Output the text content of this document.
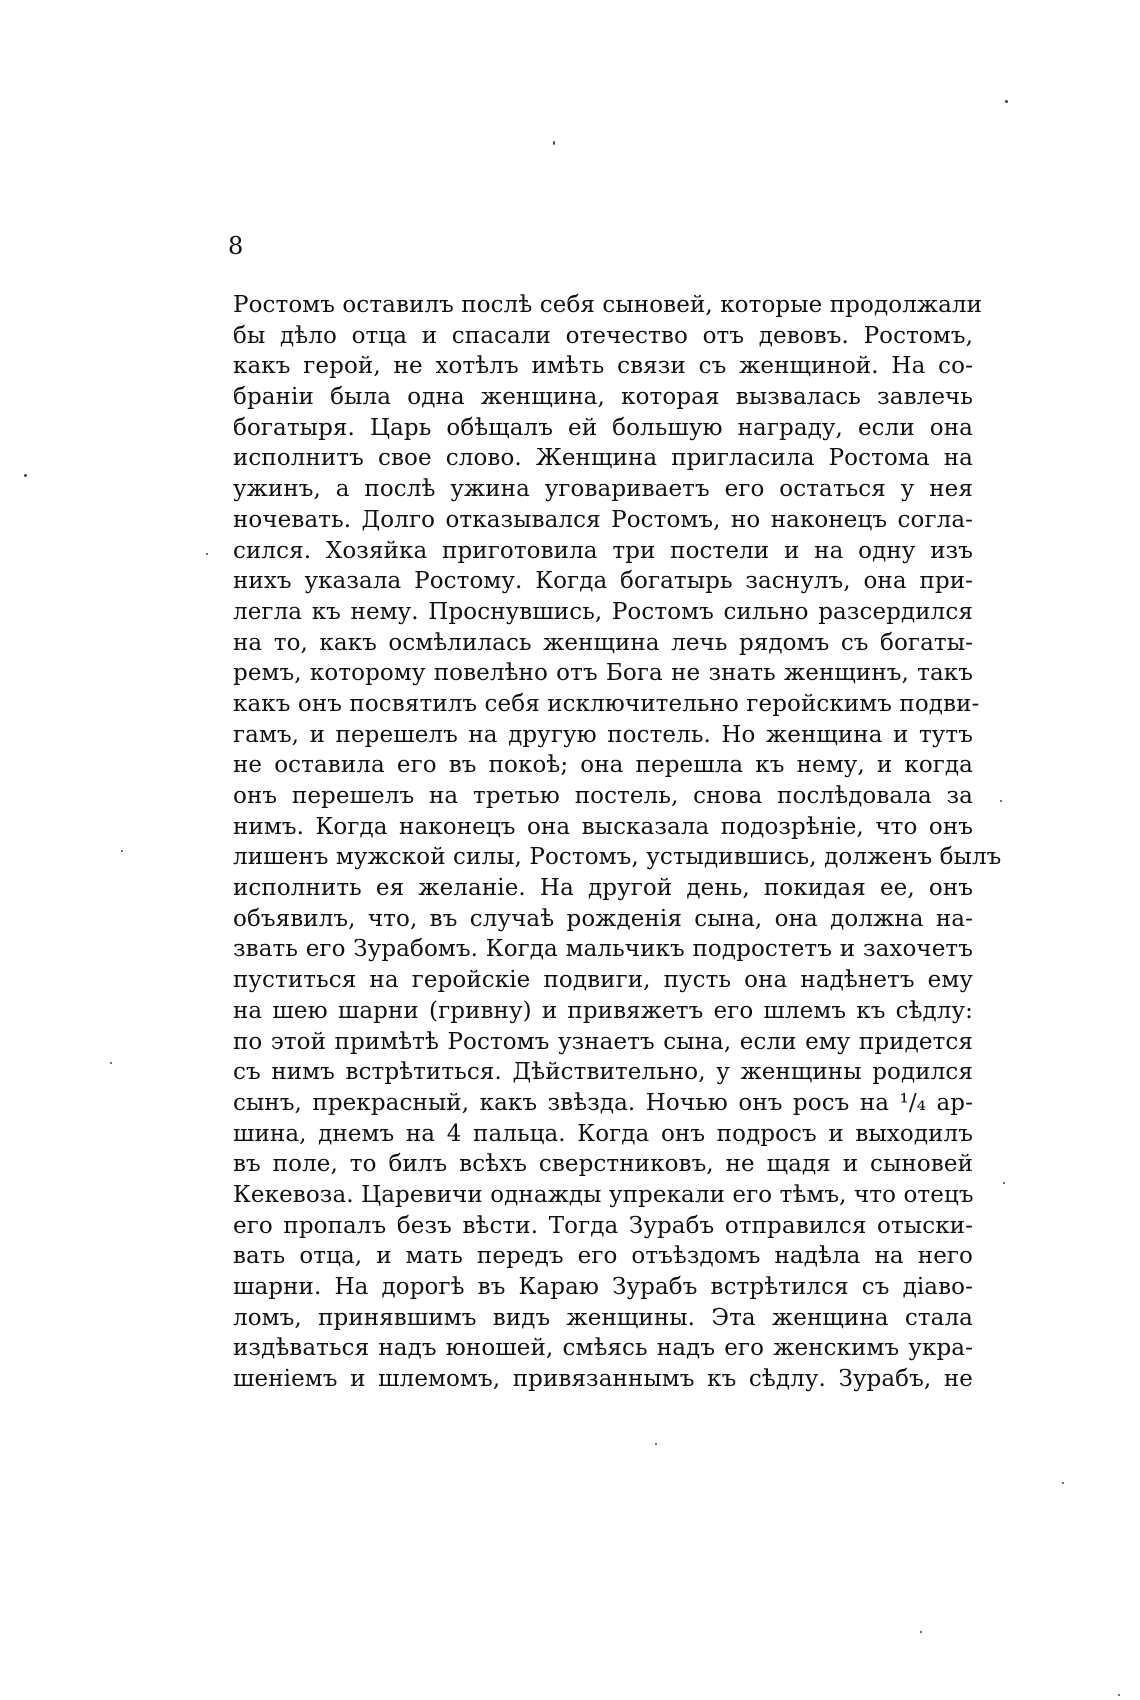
8
Ростомъ оставилъ послѣ себя сыновей, которые продолжали
бы дѣло отца и спасали отечество отъ девовъ. Ростомъ,
какъ герой, не хотѣлъ имѣть связи съ женщиной. На со-
браніи была одна женщина, которая вызвалась завлечь
богатыря. Царь обѣщалъ ей большую награду, если она
исполнитъ свое слово. Женщина пригласила Ростома на
ужинъ, а послѣ ужина уговариваетъ его остаться у нея
ночевать. Долго отказывался Ростомъ, но наконецъ согла-
сился. Хозяйка приготовила три постели и на одну изъ
нихъ указала Ростому. Когда богатырь заснулъ, она при-
легла къ нему. Проснувшись, Ростомъ сильно разсердился
на то, какъ осмѣлилась женщина лечь рядомъ съ богаты-
ремъ, которому повелѣно отъ Бога не знать женщинъ, такъ
какъ онъ посвятилъ себя исключительно геройскимъ подви-
гамъ, и перешелъ на другую постель. Но женщина и тутъ
не оставила его въ покоѣ; она перешла къ нему, и когда
онъ перешелъ на третью постель, снова послѣдовала за
нимъ. Когда наконецъ она высказала подозрѣніе, что онъ
лишенъ мужской силы, Ростомъ, устыдившись, долженъ былъ
исполнить ея желаніе. На другой день, покидая ее, онъ
объявилъ, что, въ случаѣ рожденія сына, она должна на-
звать его Зурабомъ. Когда мальчикъ подростетъ и захочетъ
пуститься на геройскіе подвиги, пусть она надѣнетъ ему
на шею шарни (гривну) и привяжетъ его шлемъ къ сѣдлу:
по этой примѣтѣ Ростомъ узнаетъ сына, если ему придется
съ нимъ встрѣтиться. Дѣйствительно, у женщины родился
сынъ, прекрасный, какъ звѣзда. Ночью онъ росъ на ¹/₄ ар-
шина, днемъ на 4 пальца. Когда онъ подросъ и выходилъ
въ поле, то билъ всѣхъ сверстниковъ, не щадя и сыновей
Кекевоза. Царевичи однажды упрекали его тѣмъ, что отецъ
его пропалъ безъ вѣсти. Тогда Зурабъ отправился отыски-
вать отца, и мать передъ его отъѣздомъ надѣла на него
шарни. На дорогѣ въ Караю Зурабъ встрѣтился съ діаво-
ломъ, принявшимъ видъ женщины. Эта женщина стала
издѣваться надъ юношей, смѣясь надъ его женскимъ укра-
шеніемъ и шлемомъ, привязаннымъ къ сѣдлу. Зурабъ, не
